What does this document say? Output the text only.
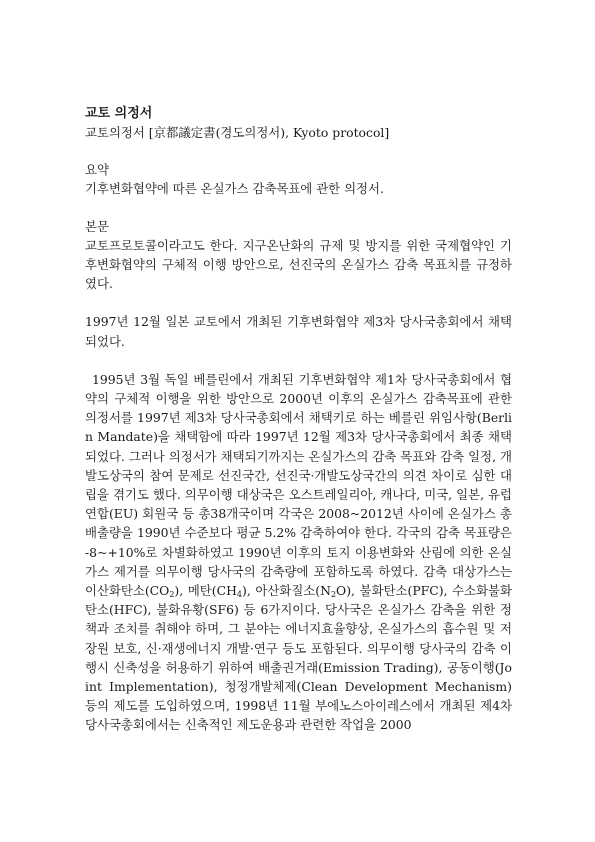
교토 의정서

교토의정서 [京都議定書(경도의정서), Kyoto protocol]

요약

기후변화협약에 따른 온실가스 감축목표에 관한 의정서.

본문

교토프로토콜이라고도 한다. 지구온난화의 규제 및 방지를 위한 국제협약인 기후변화협약의 구체적 이행 방안으로, 선진국의 온실가스 감축 목표치를 규정하였다.

1997년 12월 일본 교토에서 개최된 기후변화협약 제3차 당사국총회에서 채택되었다.

1995년 3월 독일 베를린에서 개최된 기후변화협약 제1차 당사국총회에서 협약의 구체적 이행을 위한 방안으로 2000년 이후의 온실가스 감축목표에 관한 의정서를 1997년 제3차 당사국총회에서 채택키로 하는 베를린 위임사항(Berlin Mandate)을 채택함에 따라 1997년 12월 제3차 당사국총회에서 최종 채택되었다. 그러나 의정서가 채택되기까지는 온실가스의 감축 목표와 감축 일정, 개발도상국의 참여 문제로 선진국간, 선진국·개발도상국간의 의견 차이로 심한 대립을 겪기도 했다. 의무이행 대상국은 오스트레일리아, 캐나다, 미국, 일본, 유럽연합(EU) 회원국 등 총38개국이며 각국은 2008~2012년 사이에 온실가스 총배출량을 1990년 수준보다 평균 5.2% 감축하여야 한다. 각국의 감축 목표량은 -8~+10%로 차별화하였고 1990년 이후의 토지 이용변화와 산림에 의한 온실가스 제거를 의무이행 당사국의 감축량에 포함하도록 하였다. 감축 대상가스는 이산화탄소$(CO_2)$, 메탄$(CH_4)$, 아산화질소$(N_2O)$, 불화탄소(PFC), 수소화불화탄소(HFC), 불화유황(SF6) 등 6가지이다. 당사국은 온실가스 감축을 위한 정책과 조치를 취해야 하며, 그 분야는 에너지효율향상, 온실가스의 흡수원 및 저장원 보호, 신·재생에너지 개발·연구 등도 포함된다. 의무이행 당사국의 감축 이행시 신축성을 허용하기 위하여 배출권거래(Emission Trading), 공동이행(Joint Implementation), 청정개발체제(Clean Development Mechanism) 등의 제도를 도입하였으며, 1998년 11월 부에노스아이레스에서 개최된 제4차 당사국총회에서는 신축적인 제도운용과 관련한 작업을 2000
